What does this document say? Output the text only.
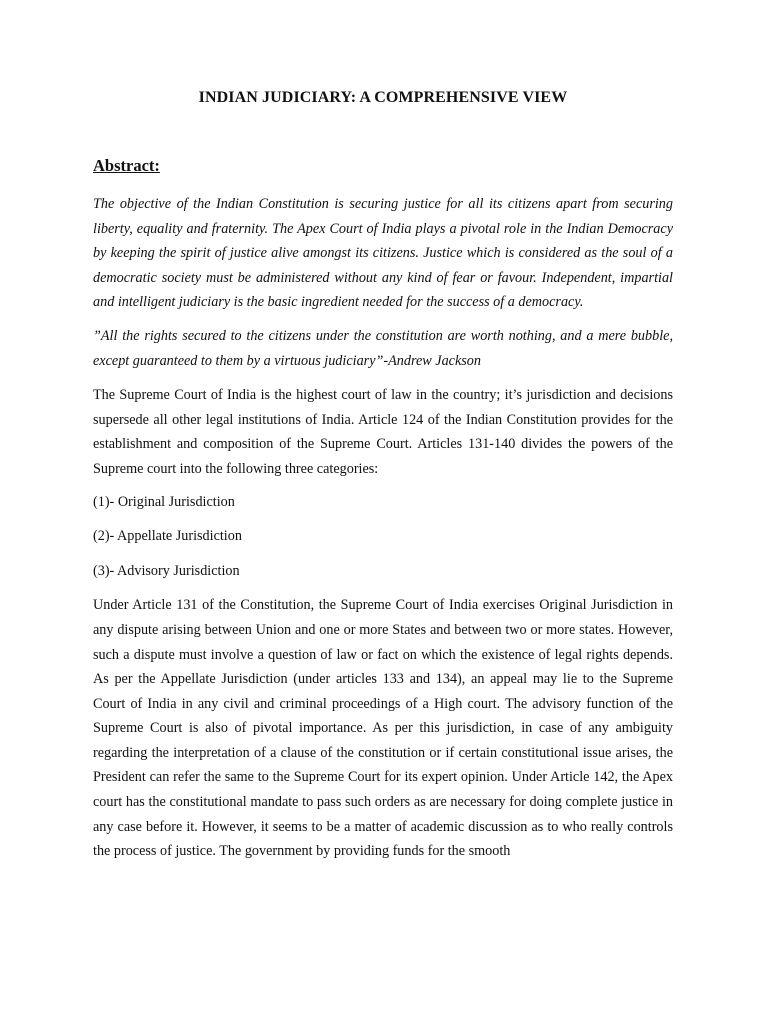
INDIAN JUDICIARY: A COMPREHENSIVE VIEW
Abstract:

The objective of the Indian Constitution is securing justice for all its citizens apart from securing liberty, equality and fraternity. The Apex Court of India plays a pivotal role in the Indian Democracy by keeping the spirit of justice alive amongst its citizens. Justice which is considered as the soul of a democratic society must be administered without any kind of fear or favour. Independent, impartial and intelligent judiciary is the basic ingredient needed for the success of a democracy.

”All the rights secured to the citizens under the constitution are worth nothing, and a mere bubble, except guaranteed to them by a virtuous judiciary”-Andrew Jackson

The Supreme Court of India is the highest court of law in the country; it’s jurisdiction and decisions supersede all other legal institutions of India. Article 124 of the Indian Constitution provides for the establishment and composition of the Supreme Court. Articles 131-140 divides the powers of the Supreme court into the following three categories:

(1)- Original Jurisdiction
(2)- Appellate Jurisdiction
(3)- Advisory Jurisdiction

Under Article 131 of the Constitution, the Supreme Court of India exercises Original Jurisdiction in any dispute arising between Union and one or more States and between two or more states. However, such a dispute must involve a question of law or fact on which the existence of legal rights depends. As per the Appellate Jurisdiction (under articles 133 and 134), an appeal may lie to the Supreme Court of India in any civil and criminal proceedings of a High court. The advisory function of the Supreme Court is also of pivotal importance. As per this jurisdiction, in case of any ambiguity regarding the interpretation of a clause of the constitution or if certain constitutional issue arises, the President can refer the same to the Supreme Court for its expert opinion. Under Article 142, the Apex court has the constitutional mandate to pass such orders as are necessary for doing complete justice in any case before it. However, it seems to be a matter of academic discussion as to who really controls the process of justice. The government by providing funds for the smooth
